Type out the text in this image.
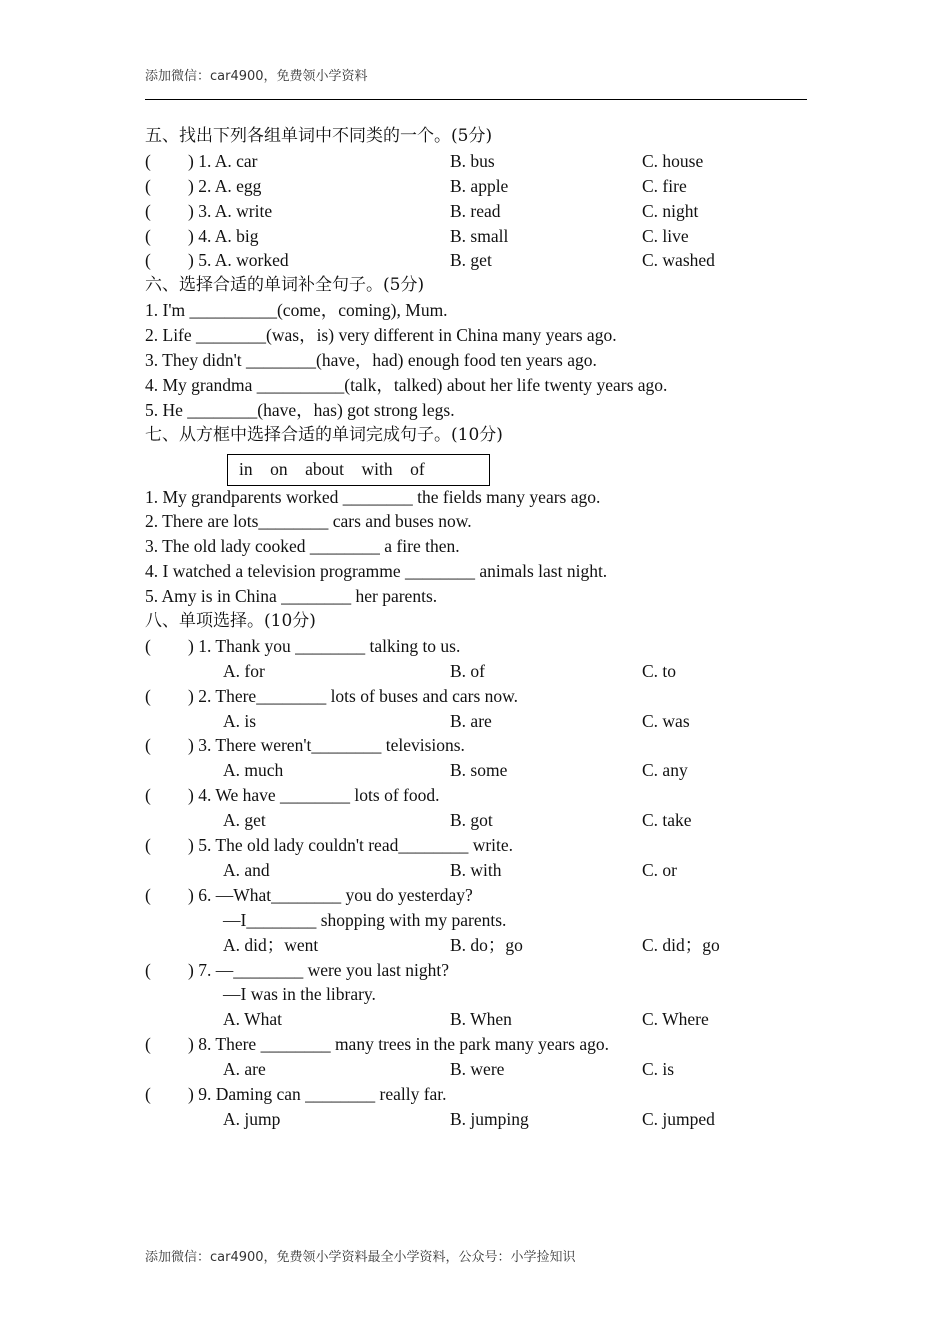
添加微信：car4900，免费领小学资料
五、找出下列各组单词中不同类的一个。(5分)
( ) 1. A. car	B. bus	C. house
( ) 2. A. egg	B. apple	C. fire
( ) 3. A. write	B. read	C. night
( ) 4. A. big	B. small	C. live
( ) 5. A. worked	B. get	C. washed
六、选择合适的单词补全句子。(5分)
1. I'm __________(come，coming), Mum.
2. Life ________(was，is) very different in China many years ago.
3. They didn't ________(have，had) enough food ten years ago.
4. My grandma __________(talk，talked) about her life twenty years ago.
5. He ________(have，has) got strong legs.
七、从方框中选择合适的单词完成句子。(10分)
in    on    about    with    of
1. My grandparents worked ________ the fields many years ago.
2. There are lots________ cars and buses now.
3. The old lady cooked ________ a fire then.
4. I watched a television programme ________ animals last night.
5. Amy is in China ________ her parents.
八、单项选择。(10分)
( ) 1. Thank you ________ talking to us.
A. for	B. of	C. to
( ) 2. There________ lots of buses and cars now.
A. is	B. are	C. was
( ) 3. There weren't________ televisions.
A. much	B. some	C. any
( ) 4. We have ________ lots of food.
A. get	B. got	C. take
( ) 5. The old lady couldn't read________ write.
A. and	B. with	C. or
( ) 6. —What________ you do yesterday?
—I________ shopping with my parents.
A. did；went	B. do；go	C. did；go
( ) 7. —________ were you last night?
—I was in the library.
A. What	B. When	C. Where
( ) 8. There ________ many trees in the park many years ago.
A. are	B. were	C. is
( ) 9. Daming can ________ really far.
A. jump	B. jumping	C. jumped
添加微信：car4900，免费领小学资料最全小学资料，公众号：小学捡知识
